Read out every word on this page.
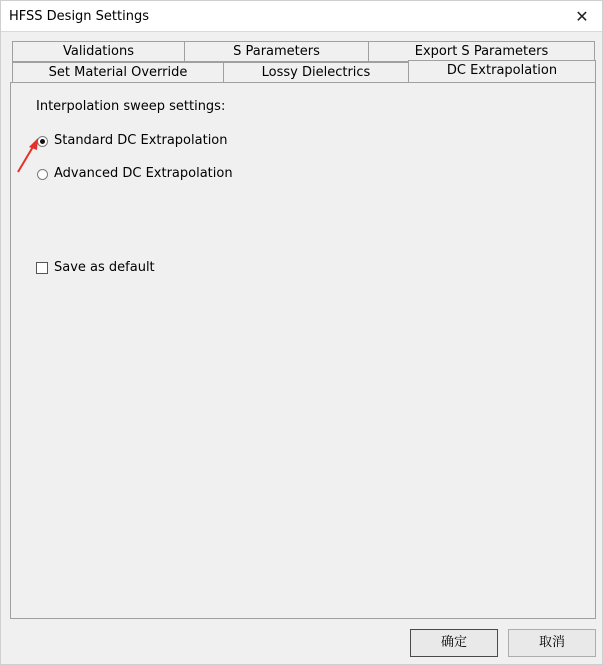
HFSS Design Settings	✕
Validations	S Parameters	Export S Parameters
Set Material Override	Lossy Dielectrics	DC Extrapolation
Interpolation sweep settings:
Standard DC Extrapolation
Advanced DC Extrapolation
Save as default
确定	取消
